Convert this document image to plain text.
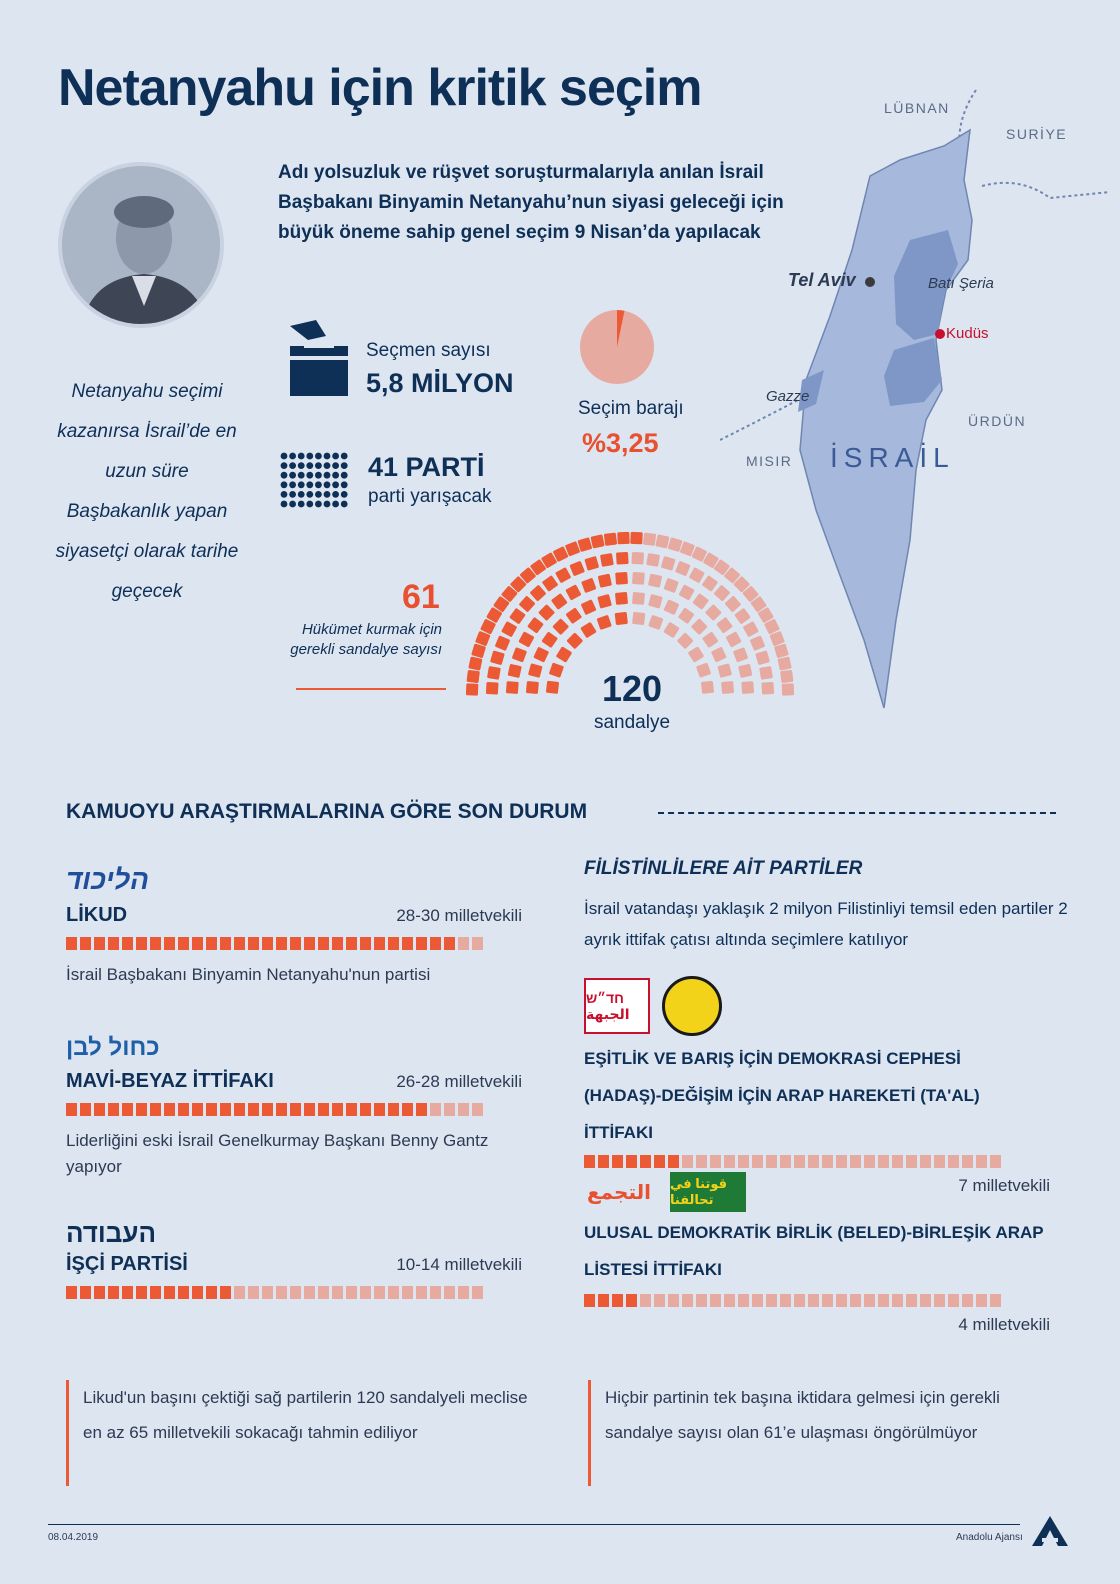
Netanyahu için kritik seçim
Adı yolsuzluk ve rüşvet soruşturmalarıyla anılan İsrail Başbakanı Binyamin Netanyahu’nun siyasi geleceği için büyük öneme sahip genel seçim 9 Nisan’da yapılacak
Netanyahu seçimi kazanırsa İsrail’de en uzun süre Başbakanlık yapan siyasetçi olarak tarihe geçecek
Seçmen sayısı
5,8 MİLYON
41 PARTİ
parti yarışacak
Seçim barajı
%3,25
61
Hükümet kurmak için gerekli sandalye sayısı
120
sandalye
LÜBNAN
SURİYE
Tel Aviv	Batı Şeria
Kudüs
Gazze
ÜRDÜN
MISIR İSRAİL
KAMUOYU ARAŞTIRMALARINA GÖRE SON DURUM
הליכוד
LİKUD	28-30 milletvekili
İsrail Başbakanı Binyamin Netanyahu'nun partisi
כחול לבן
MAVİ-BEYAZ İTTİFAKI	26-28 milletvekili
Liderliğini eski İsrail Genelkurmay Başkanı Benny Gantz yapıyor
העבודה
İŞÇİ PARTİSİ	10-14 milletvekili
FİLİSTİNLİLERE AİT PARTİLER
İsrail vatandaşı yaklaşık 2 milyon Filistinliyi temsil eden partiler 2 ayrık ittifak çatısı altında seçimlere katılıyor
חד״ש الجبهة
EŞİTLİK VE BARIŞ İÇİN DEMOKRASİ CEPHESİ
(HADAŞ)-DEĞİŞİM İÇİN ARAP HAREKETİ (TA'AL) İTTİFAKI
7 milletvekili
التجمع قوتنا في تحالفنا
ULUSAL DEMOKRATİK BİRLİK (BELED)-BİRLEŞİK ARAP
LİSTESİ İTTİFAKI
4 milletvekili
Likud'un başını çektiği sağ partilerin 120 sandalyeli meclise en az 65 milletvekili sokacağı tahmin ediliyor
Hiçbir partinin tek başına iktidara gelmesi için gerekli sandalye sayısı olan 61’e ulaşması öngörülmüyor
08.04.2019	Anadolu Ajansı
